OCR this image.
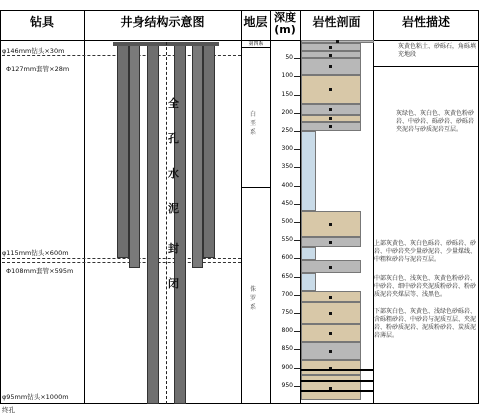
钻具	井身结构示意图	地层 深度
(m)
岩性剖面	岩性描述
φ146mm钻头×30m
Φ127mm套管×28m
φ115mm钻头×600m
Φ108mm套管×595m
φ95mm钻头×1000m
终孔
全
孔
水
泥
封
闭
第四系
白垩系
侏罗系
50
100
150
200
250
300
350
400
450
500
550
600
650
700
750
800
850
900
950
灰黄色粘土、砂砾石，角砾填充地段
灰绿色、灰白色、灰黄色粉砂岩、中砂岩、砾砂岩、砂砾岩夹泥岩与砂质泥岩互层。
上部灰黄色、灰白色砾岩、砂砾岩、砂岩、中砂岩夹少量砂泥岩、少量煤线、中粗粒砂岩与泥岩互层。
中部灰白色、浅灰色、灰黄色粉砂岩、中砂岩、细中砂岩夹泥质粉砂岩、粉砂质泥岩夹煤层等、浅黑色。
下部灰白色、灰黄色、浅绿色砂砾岩、含砾粗砂岩、中砂岩与泥质互层、夹泥岩、粉砂质泥岩、泥质粉砂岩、炭质泥岩薄层。
